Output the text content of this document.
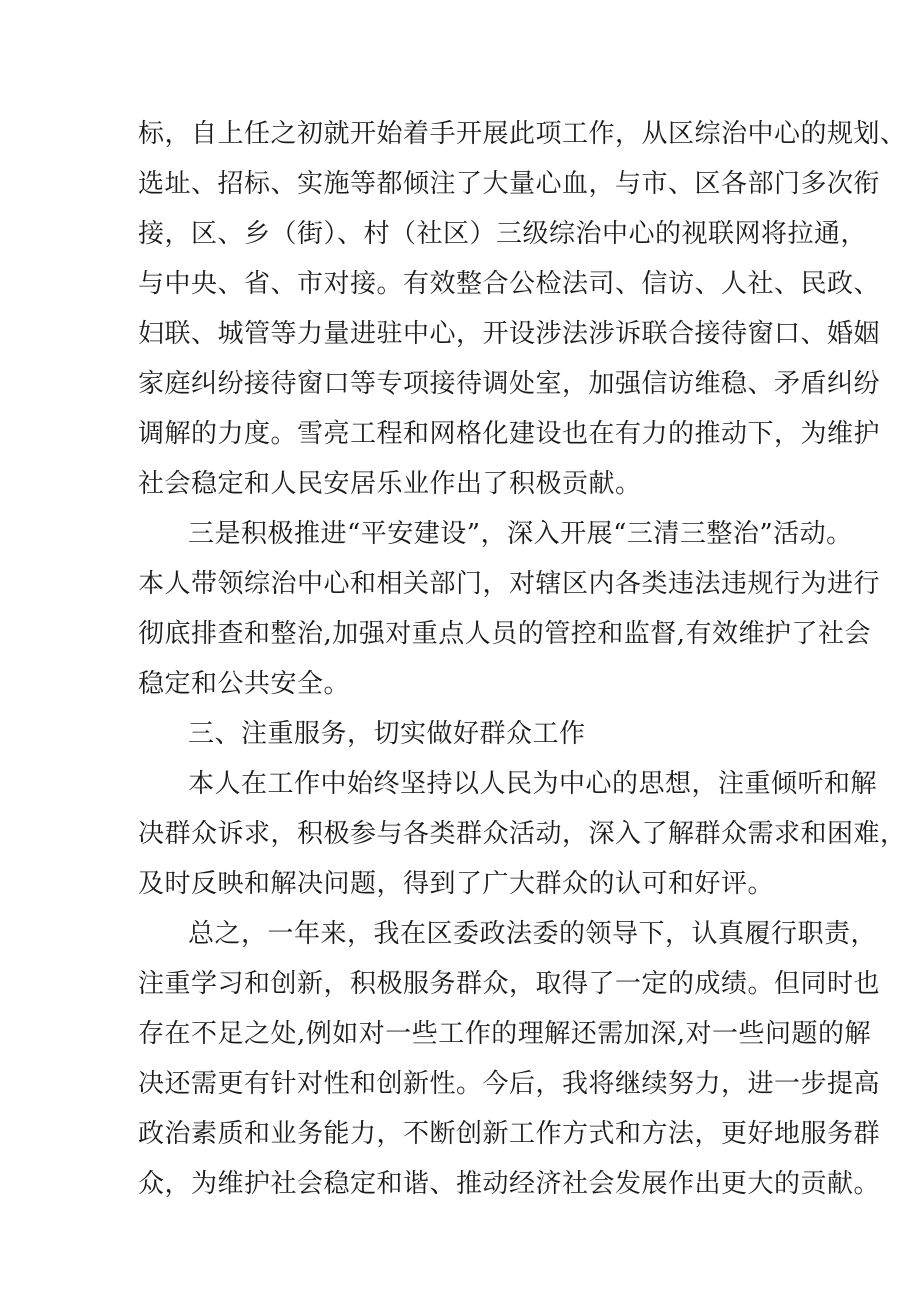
标，自上任之初就开始着手开展此项工作，从区综治中心的规划、
选址、招标、实施等都倾注了大量心血，与市、区各部门多次衔
接，区、乡（街）、村（社区）三级综治中心的视联网将拉通，
与中央、省、市对接。有效整合公检法司、信访、人社、民政、
妇联、城管等力量进驻中心，开设涉法涉诉联合接待窗口、婚姻
家庭纠纷接待窗口等专项接待调处室，加强信访维稳、矛盾纠纷
调解的力度。雪亮工程和网格化建设也在有力的推动下，为维护
社会稳定和人民安居乐业作出了积极贡献。
三是积极推进“平安建设”，深入开展“三清三整治”活动。
本人带领综治中心和相关部门，对辖区内各类违法违规行为进行
彻底排查和整治,加强对重点人员的管控和监督,有效维护了社会
稳定和公共安全。
三、注重服务，切实做好群众工作
本人在工作中始终坚持以人民为中心的思想，注重倾听和解
决群众诉求，积极参与各类群众活动，深入了解群众需求和困难，
及时反映和解决问题，得到了广大群众的认可和好评。
总之，一年来，我在区委政法委的领导下，认真履行职责，
注重学习和创新，积极服务群众，取得了一定的成绩。但同时也
存在不足之处,例如对一些工作的理解还需加深,对一些问题的解
决还需更有针对性和创新性。今后，我将继续努力，进一步提高
政治素质和业务能力，不断创新工作方式和方法，更好地服务群
众，为维护社会稳定和谐、推动经济社会发展作出更大的贡献。
